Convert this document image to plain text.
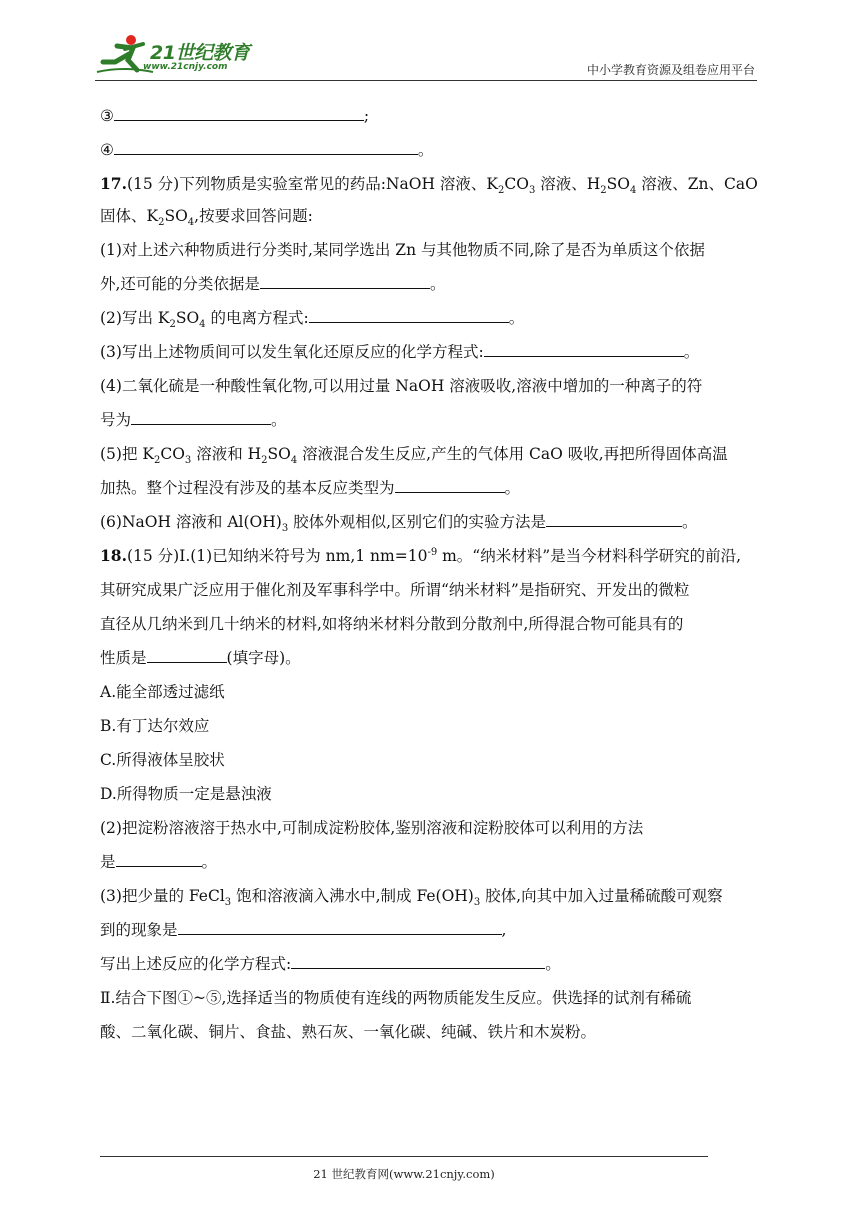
21世纪教育
www.21cnjy.com	中小学教育资源及组卷应用平台
③	;
④	。
17.(15 分)下列物质是实验室常见的药品:NaOH 溶液、$K_2CO_3$ 溶液、$H_2SO_4$ 溶液、Zn、CaO
固体、$K_2SO_4$,按要求回答问题:
(1)对上述六种物质进行分类时,某同学选出 Zn 与其他物质不同,除了是否为单质这个依据
外,还可能的分类依据是	。
(2)写出 $K_2SO_4$ 的电离方程式:	。
(3)写出上述物质间可以发生氧化还原反应的化学方程式:	。
(4)二氧化硫是一种酸性氧化物,可以用过量 NaOH 溶液吸收,溶液中增加的一种离子的符
号为	。
(5)把 $K_2CO_3$ 溶液和 $H_2SO_4$ 溶液混合发生反应,产生的气体用 CaO 吸收,再把所得固体高温
加热。整个过程没有涉及的基本反应类型为	。
(6)NaOH 溶液和 $Al(OH)_3$ 胶体外观相似,区别它们的实验方法是	。
18.(15 分)Ⅰ.(1)已知纳米符号为 nm,1 $nm=10^{-9}$ m。“纳米材料”是当今材料科学研究的前沿,
其研究成果广泛应用于催化剂及军事科学中。所谓“纳米材料”是指研究、开发出的微粒
直径从几纳米到几十纳米的材料,如将纳米材料分散到分散剂中,所得混合物可能具有的
性质是	(填字母)。
A.能全部透过滤纸
B.有丁达尔效应
C.所得液体呈胶状
D.所得物质一定是悬浊液
(2)把淀粉溶液溶于热水中,可制成淀粉胶体,鉴别溶液和淀粉胶体可以利用的方法
是	。
(3)把少量的 FeCl$_3$ 饱和溶液滴入沸水中,制成 $Fe(OH)_3$ 胶体,向其中加入过量稀硫酸可观察
到的现象是	,
写出上述反应的化学方程式:	。
Ⅱ.结合下图①~⑤,选择适当的物质使有连线的两物质能发生反应。供选择的试剂有稀硫
酸、二氧化碳、铜片、食盐、熟石灰、一氧化碳、纯碱、铁片和木炭粉。
21 世纪教育网(www.21cnjy.com)
